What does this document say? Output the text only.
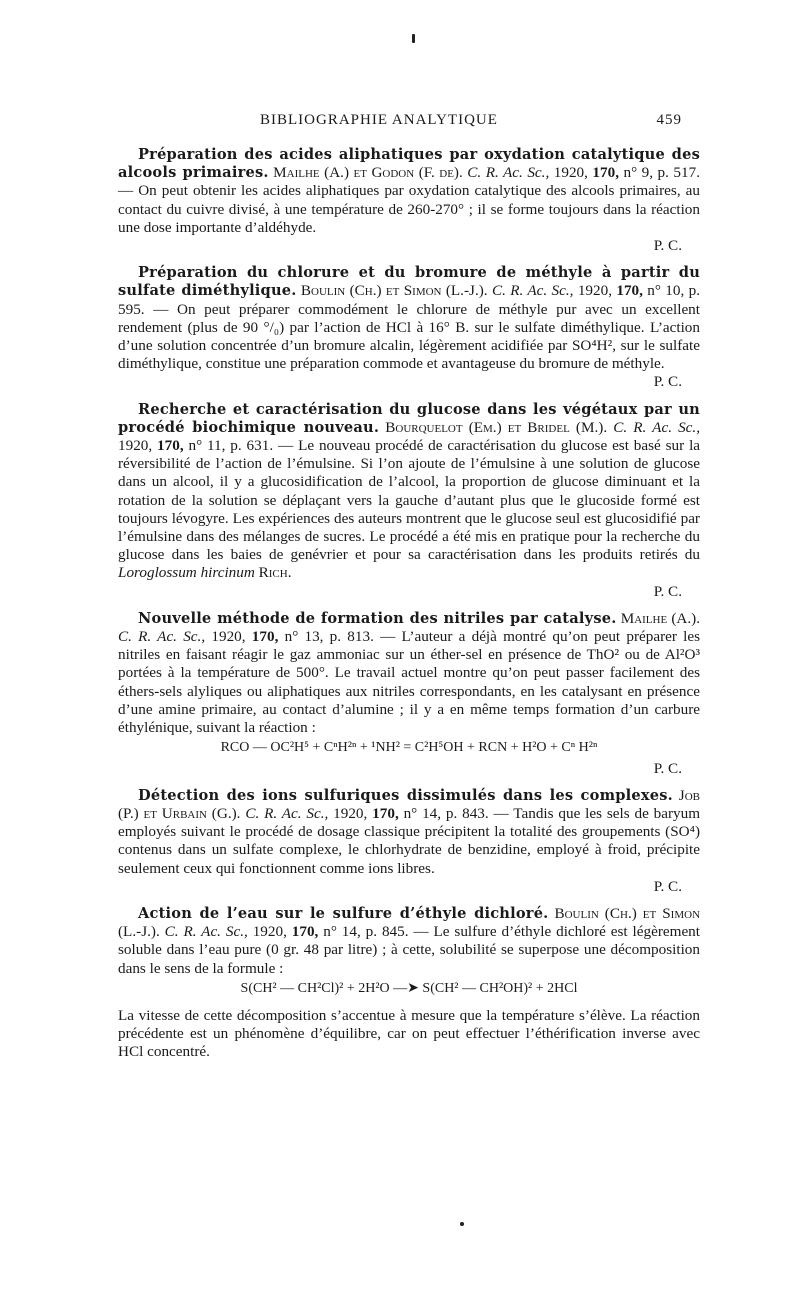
BIBLIOGRAPHIE ANALYTIQUE	459

Préparation des acides aliphatiques par oxydation catalytique des alcools primaires. Mailhe (A.) et Godon (F. de). C. R. Ac. Sc., 1920, 170, n° 9, p. 517. — On peut obtenir les acides aliphatiques par oxydation catalytique des alcools primaires, au contact du cuivre divisé, à une température de 260-270° ; il se forme toujours dans la réaction une dose importante d’aldéhyde.
P. C.

Préparation du chlorure et du bromure de méthyle à partir du sulfate diméthylique. Boulin (Ch.) et Simon (L.-J.). C. R. Ac. Sc., 1920, 170, n° 10, p. 595. — On peut préparer commodément le chlorure de méthyle pur avec un excellent rendement (plus de 90 °/₀) par l’action de HCl à 16° B. sur le sulfate diméthylique. L’action d’une solution concentrée d’un bromure alcalin, légèrement acidifiée par SO⁴H², sur le sulfate diméthylique, constitue une préparation commode et avantageuse du bromure de méthyle.
P. C.

Recherche et caractérisation du glucose dans les végétaux par un procédé biochimique nouveau. Bourquelot (Em.) et Bridel (M.). C. R. Ac. Sc., 1920, 170, n° 11, p. 631. — Le nouveau procédé de caractérisation du glucose est basé sur la réversibilité de l’action de l’émulsine. Si l’on ajoute de l’émulsine à une solution de glucose dans un alcool, il y a glucosidification de l’alcool, la proportion de glucose diminuant et la rotation de la solution se déplaçant vers la gauche d’autant plus que le glucoside formé est toujours lévogyre. Les expériences des auteurs montrent que le glucose seul est glucosidifié par l’émulsine dans des mélanges de sucres. Le procédé a été mis en pratique pour la recherche du glucose dans les baies de genévrier et pour sa caractérisation dans les produits retirés du Loroglossum hircinum Rich.
P. C.

Nouvelle méthode de formation des nitriles par catalyse. Mailhe (A.). C. R. Ac. Sc., 1920, 170, n° 13, p. 813. — L’auteur a déjà montré qu’on peut préparer les nitriles en faisant réagir le gaz ammoniac sur un éther-sel en présence de ThO² ou de Al²O³ portées à la température de 500°. Le travail actuel montre qu’on peut passer facilement des éthers-sels alyliques ou aliphatiques aux nitriles correspondants, en les catalysant en présence d’une amine primaire, au contact d’alumine ; il y a en même temps formation d’un carbure éthylénique, suivant la réaction :
RCO — OC²H⁵ + CⁿH²ⁿ + ¹NH² = C²H⁵OH + RCN + H²O + Cⁿ H²ⁿ
P. C.

Détection des ions sulfuriques dissimulés dans les complexes. Job (P.) et Urbain (G.). C. R. Ac. Sc., 1920, 170, n° 14, p. 843. — Tandis que les sels de baryum employés suivant le procédé de dosage classique précipitent la totalité des groupements (SO⁴) contenus dans un sulfate complexe, le chlorhydrate de benzidine, employé à froid, précipite seulement ceux qui fonctionnent comme ions libres.
P. C.

Action de l’eau sur le sulfure d’éthyle dichloré. Boulin (Ch.) et Simon (L.-J.). C. R. Ac. Sc., 1920, 170, n° 14, p. 845. — Le sulfure d’éthyle dichloré est légèrement soluble dans l’eau pure (0 gr. 48 par litre) ; à cette, solubilité se superpose une décomposition dans le sens de la formule :
S(CH² — CH²Cl)² + 2H²O —➤ S(CH² — CH²OH)² + 2HCl

La vitesse de cette décomposition s’accentue à mesure que la température s’élève. La réaction précédente est un phénomène d’équilibre, car on peut effectuer l’éthérification inverse avec HCl concentré.
